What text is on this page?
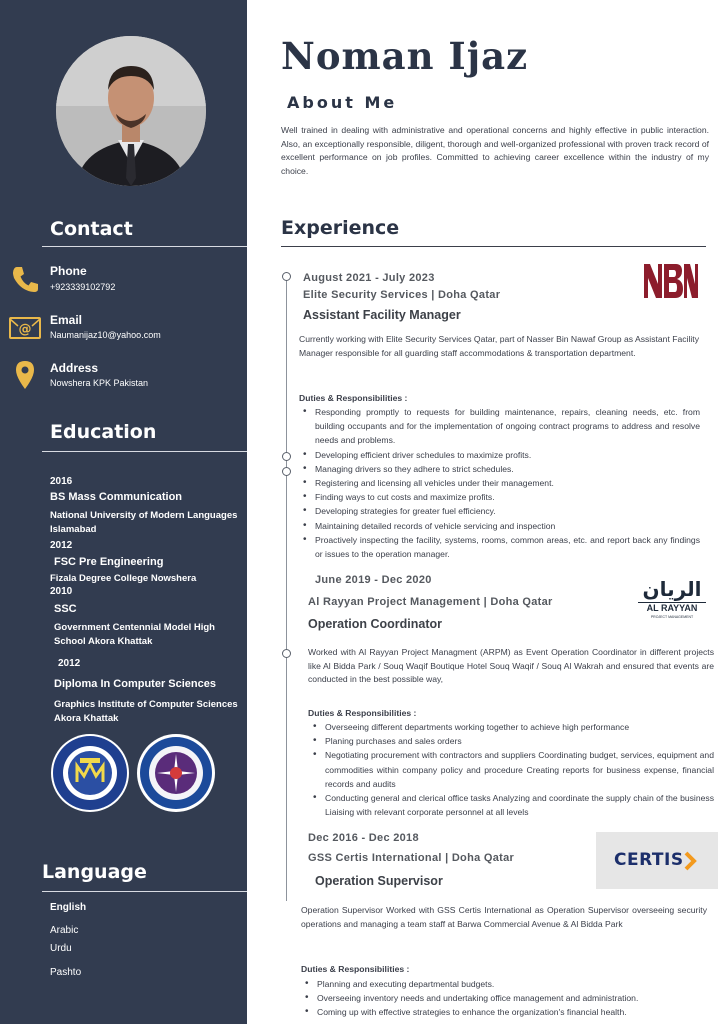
Contact
Phone
+923339102792
@
Email
Naumanijaz10@yahoo.com
Address
Nowshera KPK Pakistan
Education
2016
BS Mass Communication
National University of Modern Languages Islamabad
2012
FSC Pre Engineering
Fizala Degree College Nowshera
2010
SSC
Government Centennial Model High School Akora Khattak
2012
Diploma In Computer Sciences
Graphics Institute of Computer Sciences Akora Khattak
Language
English
Arabic
Urdu
Pashto
Noman Ijaz
About Me
Well trained in dealing with administrative and operational concerns and highly effective in public interaction. Also, an exceptionally responsible, diligent, thorough and well-organized professional with proven track record of excellent performance on job profiles. Committed to achieving career excellence within the industry of my choice.
Experience
August 2021 - July 2023
Elite Security Services | Doha Qatar
Assistant Facility Manager
Currently working with Elite Security Services Qatar, part of Nasser Bin Nawaf Group as Assistant Facility Manager responsible for all guarding staff accommodations & transportation department.
Duties & Responsibilities :
• Responding promptly to requests for building maintenance, repairs, cleaning needs, etc. from building occupants and for the implementation of ongoing contract programs to address and resolve needs and problems.
• Developing efficient driver schedules to maximize profits.
• Managing drivers so they adhere to strict schedules.
• Registering and licensing all vehicles under their management.
• Finding ways to cut costs and maximize profits.
• Developing strategies for greater fuel efficiency.
• Maintaining detailed records of vehicle servicing and inspection
• Proactively inspecting the facility, systems, rooms, common areas, etc. and report back any findings or issues to the operation manager.
June 2019 - Dec 2020
Al Rayyan Project Management | Doha Qatar
Operation Coordinator
الريان
AL RAYYAN
PROJECT MANAGEMENT
Worked with Al Rayyan Project Managment (ARPM) as Event Operation Coordinator in different projects like Al Bidda Park / Souq Waqif Boutique Hotel Souq Waqif / Souq Al Wakrah and ensured that events are conducted in the best possible way,
Duties & Responsibilities :
• Overseeing different departments working together to achieve high performance
• Planing purchases and sales orders
• Negotiating procurement with contractors and suppliers Coordinating budget, services, equipment and commodities within company policy and procedure Creating reports for business expense, financial records and audits
• Conducting general and clerical office tasks Analyzing and coordinate the supply chain of the business Liaising with relevant corporate personnel at all levels
Dec 2016 - Dec 2018
GSS Certis International | Doha Qatar
Operation Supervisor
CERTIS
Operation Supervisor Worked with GSS Certis International as Operation Supervisor overseeing security operations and managing a team staff at Barwa Commercial Avenue & Al Bidda Park
Duties & Responsibilities :
• Planning and executing departmental budgets.
• Overseeing inventory needs and undertaking office management and administration.
• Coming up with effective strategies to enhance the organization's financial health.
